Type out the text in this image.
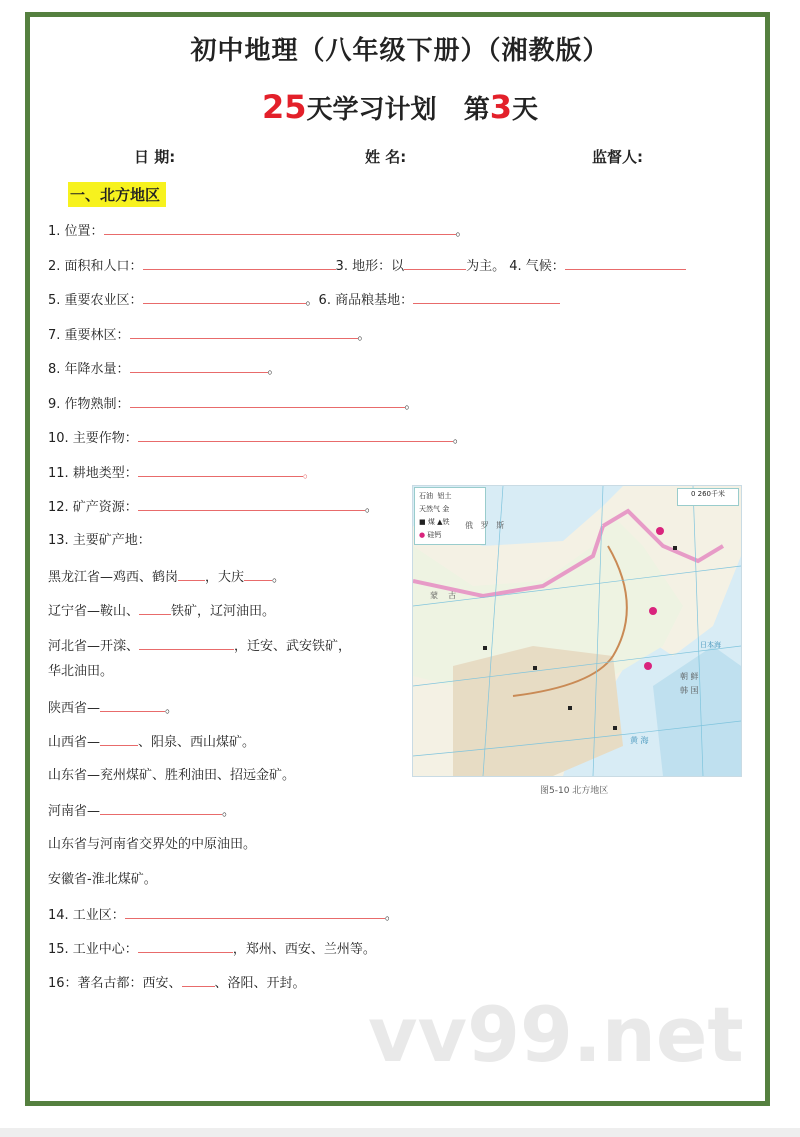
初中地理（八年级下册）（湘教版）
25天学习计划 第3天
日 期:	姓 名:	监督人:
一、北方地区
1. 位置：	。
2. 面积和人口：	3. 地形：以	为主。 4. 气候：
5. 重要农业区：	。6. 商品粮基地：
7. 重要林区：	。
8. 年降水量：	。
9. 作物熟制：	。
10. 主要作物：	。
11. 耕地类型：	。
12. 矿产资源：	。
13. 主要矿产地：
黑龙江省—鸡西、鹤岗 ，大庆 。
辽宁省—鞍山、 铁矿，辽河油田。
河北省—开滦、	，迁安、武安铁矿，
华北油田。
陕西省—	。
山西省—	、阳泉、西山煤矿。
山东省—兖州煤矿、胜利油田、招远金矿。
河南省—	。
山东省与河南省交界处的中原油田。
安徽省-淮北煤矿。
14. 工业区：	。
15. 工业中心：	，郑州、西安、兰州等。
16：著名古都：西安、	、洛阳、开封。
石油 铝土
天然气 金
■ 煤 ▲铁
● 硅钙
0 260千米
俄 罗 斯
蒙 古
朝 鲜 韩 国
日本海
黄 海
图5-10 北方地区
vv99.net
